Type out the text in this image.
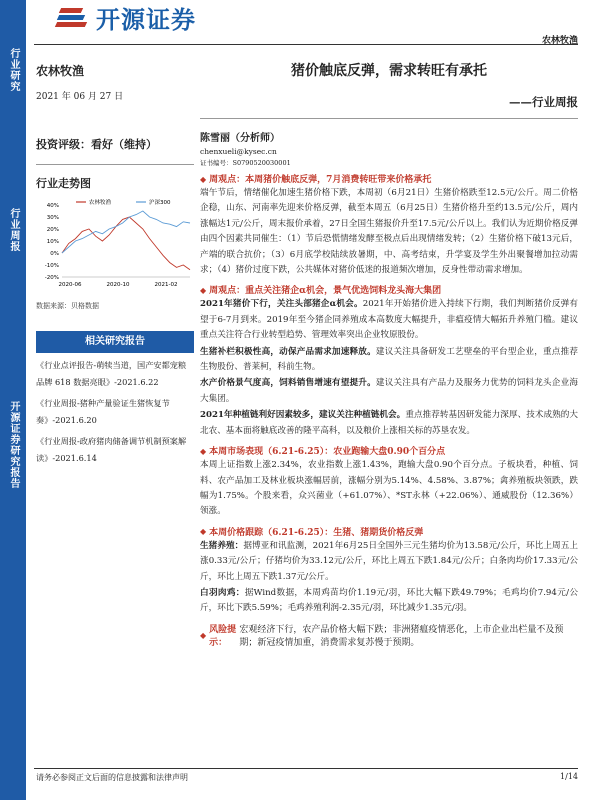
行业研究
行业周报
开源证券研究报告
开源证券
农林牧渔
农林牧渔
2021 年 06 月 27 日
投资评级：看好（维持）
行业走势图
40%
30%
20%
10%
0%
-10%
-20%
2020-06	2020-10	2021-02
农林牧渔	沪深300
数据来源：贝格数据
相关研究报告
《行业点评报告-萌犊当道，国产安都宠粮品牌 618 数据亮眼》-2021.6.22
《行业周报-猪种产量验证生猪恢复节奏》-2021.6.20
《行业周报-政府猪肉储备调节机制预案解读》-2021.6.14
猪价触底反弹，需求转旺有承托
——行业周报
陈雪丽（分析师）
chenxueli@kysec.cn
证书编号：S0790520030001
◆ 周观点：本周猪价触底反弹，7月消费转旺带来价格承托
端午节后，情绪催化加速生猪价格下跌，本周初（6月21日）生猪价格跌至12.5元/公斤。周二价格企稳，山东、河南率先迎来价格反弹，截至本周五（6月25日）生猪价格升至约13.5元/公斤，周内涨幅达1元/公斤，周末报价承着，27日全国生猪报价升至17.5元/公斤以上。我们认为近期价格反弹由四个因素共同催生：（1）节后恐慌情绪发酵至极点后出现情绪发转；（2）生猪价格下破13元后，产端的联合抗价；（3）6月底学校陆续放暑期，中、高考结束，升学宴及学生外出聚餐增加拉动需求；（4）猪价过度下跌，公共媒体对猪价低迷的报道频次增加，反身性带动需求增加。
◆ 周观点：重点关注猪企α机会，景气优选饲料龙头海大集团
2021年猪价下行，关注头部猪企α机会。2021年开始猪价进入持续下行期，我们判断猪价反弹有望于6-7月到来。2019年至今猪企同养殖成本高数度大幅提升，非瘟疫情大幅拓升养殖门槛。建议重点关注符合行业转型趋势、管理效率突出企业牧原股份。
生猪补栏积极性高，动保产品需求加速释放。建议关注具备研发工艺壁垒的平台型企业，重点推荐生物股份、普莱柯，科前生物。
水产价格景气度高，饲料销售增速有望提升。建议关注具有产品力及服务力优势的饲料龙头企业海大集团。
2021年种植链利好因素较多，建议关注种植链机会。重点推荐转基因研发能力深厚、技术成熟的大北农、基本面将触底改善的隆平高科，以及粮价上涨相关标的苏垦农发。
◆ 本周市场表现（6.21-6.25）：农业跑输大盘0.90个百分点
本周上证指数上涨2.34%，农业指数上涨1.43%，跑输大盘0.90个百分点。子板块看，种植、饲料、农产品加工及林业板块涨幅居前，涨幅分别为5.14%、4.58%、3.87%；禽养殖板块领跌，跌幅为1.75%。个股来看，众兴菌业（+61.07%）、*ST永林（+22.06%）、通威股份（12.36%）领涨。
◆ 本周价格跟踪（6.21-6.25）：生猪、猪期货价格反弹
生猪养殖：据博亚和讯监测，2021年6月25日全国外三元生猪均价为13.58元/公斤，环比上周五上涨0.33元/公斤；仔猪均价为33.12元/公斤，环比上周五下跌1.84元/公斤；白条肉均价17.33元/公斤，环比上周五下跌1.37元/公斤。
白羽肉鸡：据Wind数据，本周鸡苗均价1.19元/羽，环比大幅下跌49.79%；毛鸡均价7.94元/公斤，环比下跌5.59%；毛鸡养殖利润-2.35元/羽，环比减少1.35元/羽。
◆ 风险提示：
宏观经济下行，农产品价格大幅下跌；非洲猪瘟疫情恶化，上市企业出栏量不及预期；新冠疫情加重，消费需求复苏慢于预期。
请务必参阅正文后面的信息披露和法律声明	1/14
